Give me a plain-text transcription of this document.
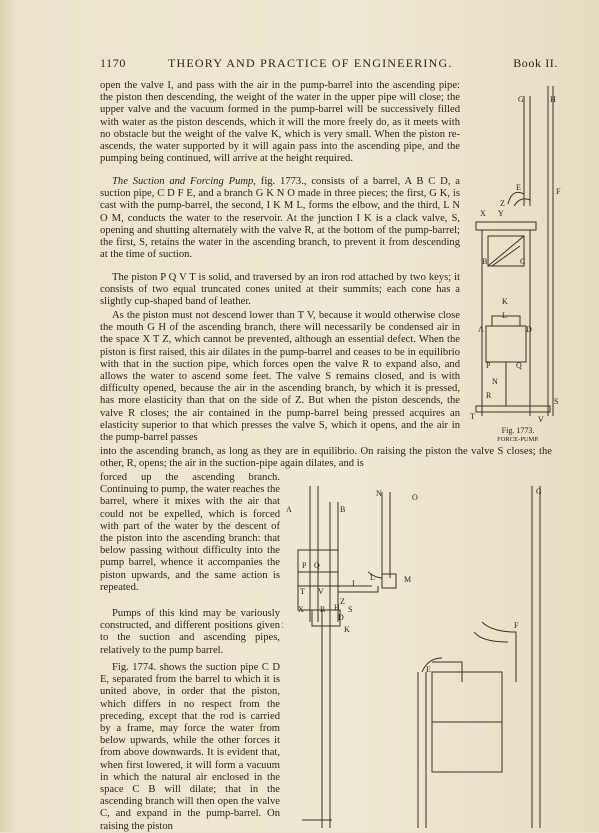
1170	THEORY AND PRACTICE OF ENGINEERING.	Book II.

open the valve I, and pass with the air in the pump-barrel into the ascending pipe: the piston then descending, the weight of the water in the upper pipe will close; the upper valve and the vacuum formed in the pump-barrel will be successively filled with water as the piston descends, which it will the more freely do, as it meets with no obstacle but the weight of the valve K, which is very small. When the piston re-ascends, the water supported by it will again pass into the ascending pipe, and the pumping being continued, will arrive at the height required.

The Suction and Forcing Pump, fig. 1773., consists of a barrel, A B C D, a suction pipe, C D F E, and a branch G K N O made in three pieces; the first, G K, is cast with the pump-barrel, the second, I K M L, forms the elbow, and the third, L N O M, conducts the water to the reservoir. At the junction I K is a clack valve, S, opening and shutting alternately with the valve R, at the bottom of the pump-barrel; the first, S, retains the water in the ascending branch, to prevent it from descending at the time of suction.

The piston P Q V T is solid, and traversed by an iron rod attached by two keys; it consists of two equal truncated cones united at their summits; each cone has a slightly cup-shaped band of leather.

As the piston must not descend lower than T V, because it would otherwise close the mouth G H of the ascending branch, there will necessarily be condensed air in the space X T Z, which cannot be prevented, although an essential defect. When the piston is first raised, this air dilates in the pump-barrel and ceases to be in equilibrio with that in the suction pipe, which forces open the valve R to expand also, and allows the water to ascend some feet. The valve S remains closed, and is with difficulty opened, because the air in the ascending branch, by which it is pressed, has more elasticity than that on the side of Z. But when the piston descends, the valve R closes; the air contained in the pump-barrel being pressed acquires an elasticity superior to that which presses the valve S, which it opens, and the air in the pump-barrel passes

into the ascending branch, as long as they are in equilibrio. On raising the piston the valve S closes; the other, R, opens; the air in the suction-pipe again dilates, and is

forced up the ascending branch. Continuing to pump, the water reaches the barrel, where it mixes with the air that could not be expelled, which is forced with part of the water by the descent of the piston into the ascending branch: that below passing without difficulty into the pump barrel, whence it accompanies the piston upwards, and the same action is repeated.

Pumps of this kind may be variously constructed, and different positions given to the suction and ascending pipes, relatively to the pump barrel.

Fig. 1774. shows the suction pipe C D E, separated from the barrel to which it is united above, in order that the piston, which differs in no respect from the preceding, except that the rod is carried by a frame, may force the water from below upwards, while the other forces it from above downwards. It is evident that, when first lowered, it will form a vacuum in which the natural air enclosed in the space C B will dilate; that in the ascending branch will then open the valve C, and expand in the pump-barrel. On raising the piston

G	H
E	F
X Y
Z
B	C
K
L
A	D
P	Q
N
R
S
T	V
Fig. 1773.
FORCE-PUMP.
A	B
N	O
G
P Q
T V
I
L	M
X R H
Z
S
D
K	F
E
